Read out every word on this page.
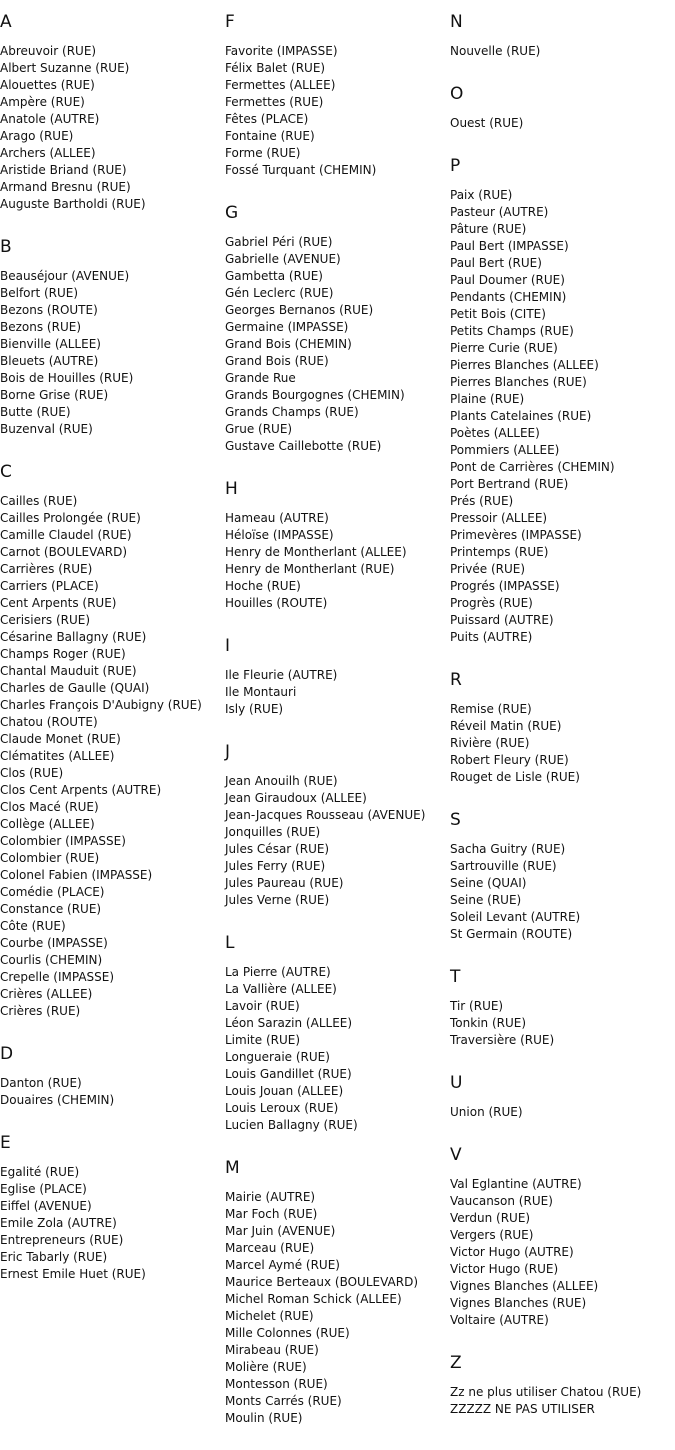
A
Abreuvoir (RUE)
Albert Suzanne (RUE)
Alouettes (RUE)
Ampère (RUE)
Anatole (AUTRE)
Arago (RUE)
Archers (ALLEE)
Aristide Briand (RUE)
Armand Bresnu (RUE)
Auguste Bartholdi (RUE)
B
Beauséjour (AVENUE)
Belfort (RUE)
Bezons (ROUTE)
Bezons (RUE)
Bienville (ALLEE)
Bleuets (AUTRE)
Bois de Houilles (RUE)
Borne Grise (RUE)
Butte (RUE)
Buzenval (RUE)
C
Cailles (RUE)
Cailles Prolongée (RUE)
Camille Claudel (RUE)
Carnot (BOULEVARD)
Carrières (RUE)
Carriers (PLACE)
Cent Arpents (RUE)
Cerisiers (RUE)
Césarine Ballagny (RUE)
Champs Roger (RUE)
Chantal Mauduit (RUE)
Charles de Gaulle (QUAI)
Charles François D'Aubigny (RUE)
Chatou (ROUTE)
Claude Monet (RUE)
Clématites (ALLEE)
Clos (RUE)
Clos Cent Arpents (AUTRE)
Clos Macé (RUE)
Collège (ALLEE)
Colombier (IMPASSE)
Colombier (RUE)
Colonel Fabien (IMPASSE)
Comédie (PLACE)
Constance (RUE)
Côte (RUE)
Courbe (IMPASSE)
Courlis (CHEMIN)
Crepelle (IMPASSE)
Crières (ALLEE)
Crières (RUE)
D
Danton (RUE)
Douaires (CHEMIN)
E
Egalité (RUE)
Eglise (PLACE)
Eiffel (AVENUE)
Emile Zola (AUTRE)
Entrepreneurs (RUE)
Eric Tabarly (RUE)
Ernest Emile Huet (RUE)
F
Favorite (IMPASSE)
Félix Balet (RUE)
Fermettes (ALLEE)
Fermettes (RUE)
Fêtes (PLACE)
Fontaine (RUE)
Forme (RUE)
Fossé Turquant (CHEMIN)
G
Gabriel Péri (RUE)
Gabrielle (AVENUE)
Gambetta (RUE)
Gén Leclerc (RUE)
Georges Bernanos (RUE)
Germaine (IMPASSE)
Grand Bois (CHEMIN)
Grand Bois (RUE)
Grande Rue
Grands Bourgognes (CHEMIN)
Grands Champs (RUE)
Grue (RUE)
Gustave Caillebotte (RUE)
H
Hameau (AUTRE)
Héloïse (IMPASSE)
Henry de Montherlant (ALLEE)
Henry de Montherlant (RUE)
Hoche (RUE)
Houilles (ROUTE)
I
Ile Fleurie (AUTRE)
Ile Montauri
Isly (RUE)
J
Jean Anouilh (RUE)
Jean Giraudoux (ALLEE)
Jean-Jacques Rousseau (AVENUE)
Jonquilles (RUE)
Jules César (RUE)
Jules Ferry (RUE)
Jules Paureau (RUE)
Jules Verne (RUE)
L
La Pierre (AUTRE)
La Vallière (ALLEE)
Lavoir (RUE)
Léon Sarazin (ALLEE)
Limite (RUE)
Longueraie (RUE)
Louis Gandillet (RUE)
Louis Jouan (ALLEE)
Louis Leroux (RUE)
Lucien Ballagny (RUE)
M
Mairie (AUTRE)
Mar Foch (RUE)
Mar Juin (AVENUE)
Marceau (RUE)
Marcel Aymé (RUE)
Maurice Berteaux (BOULEVARD)
Michel Roman Schick (ALLEE)
Michelet (RUE)
Mille Colonnes (RUE)
Mirabeau (RUE)
Molière (RUE)
Montesson (RUE)
Monts Carrés (RUE)
Moulin (RUE)
N
Nouvelle (RUE)
O
Ouest (RUE)
P
Paix (RUE)
Pasteur (AUTRE)
Pâture (RUE)
Paul Bert (IMPASSE)
Paul Bert (RUE)
Paul Doumer (RUE)
Pendants (CHEMIN)
Petit Bois (CITE)
Petits Champs (RUE)
Pierre Curie (RUE)
Pierres Blanches (ALLEE)
Pierres Blanches (RUE)
Plaine (RUE)
Plants Catelaines (RUE)
Poètes (ALLEE)
Pommiers (ALLEE)
Pont de Carrières (CHEMIN)
Port Bertrand (RUE)
Prés (RUE)
Pressoir (ALLEE)
Primevères (IMPASSE)
Printemps (RUE)
Privée (RUE)
Progrés (IMPASSE)
Progrès (RUE)
Puissard (AUTRE)
Puits (AUTRE)
R
Remise (RUE)
Réveil Matin (RUE)
Rivière (RUE)
Robert Fleury (RUE)
Rouget de Lisle (RUE)
S
Sacha Guitry (RUE)
Sartrouville (RUE)
Seine (QUAI)
Seine (RUE)
Soleil Levant (AUTRE)
St Germain (ROUTE)
T
Tir (RUE)
Tonkin (RUE)
Traversière (RUE)
U
Union (RUE)
V
Val Eglantine (AUTRE)
Vaucanson (RUE)
Verdun (RUE)
Vergers (RUE)
Victor Hugo (AUTRE)
Victor Hugo (RUE)
Vignes Blanches (ALLEE)
Vignes Blanches (RUE)
Voltaire (AUTRE)
Z
Zz ne plus utiliser Chatou (RUE)
ZZZZZ NE PAS UTILISER
